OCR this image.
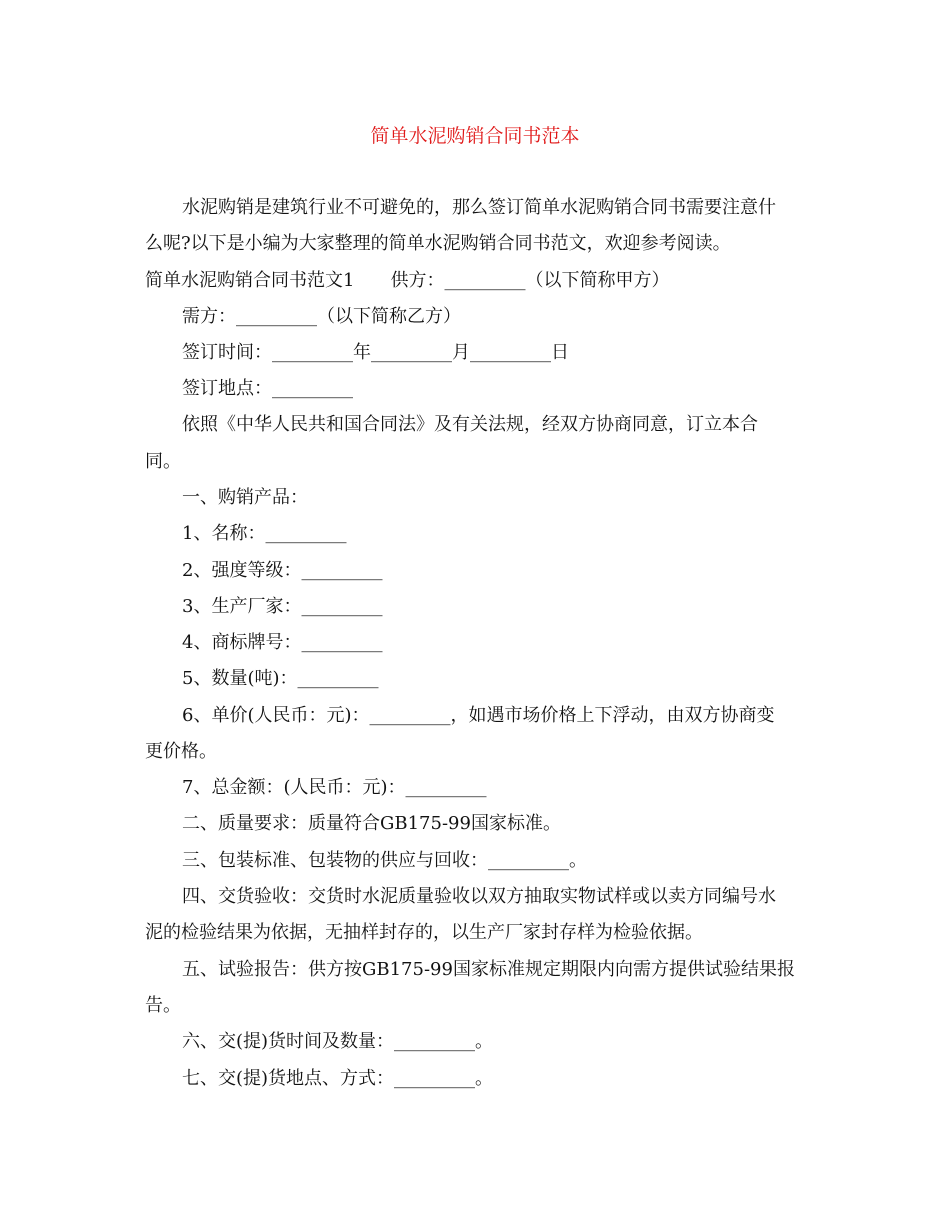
简单水泥购销合同书范本
水泥购销是建筑行业不可避免的，那么签订简单水泥购销合同书需要注意什
么呢?以下是小编为大家整理的简单水泥购销合同书范文，欢迎参考阅读。
简单水泥购销合同书范文1　　供方：_________（以下简称甲方）
需方：_________（以下简称乙方）
签订时间：_________年_________月_________日
签订地点：_________
依照《中华人民共和国合同法》及有关法规，经双方协商同意，订立本合
同。
一、购销产品：
1、名称：_________
2、强度等级：_________
3、生产厂家：_________
4、商标牌号：_________
5、数量(吨)：_________
6、单价(人民币：元)：_________，如遇市场价格上下浮动，由双方协商变
更价格。
7、总金额：(人民币：元)：_________
二、质量要求：质量符合GB175-99国家标准。
三、包装标准、包装物的供应与回收：_________。
四、交货验收：交货时水泥质量验收以双方抽取实物试样或以卖方同编号水
泥的检验结果为依据，无抽样封存的，以生产厂家封存样为检验依据。
五、试验报告：供方按GB175-99国家标准规定期限内向需方提供试验结果报
告。
六、交(提)货时间及数量：_________。
七、交(提)货地点、方式：_________。
